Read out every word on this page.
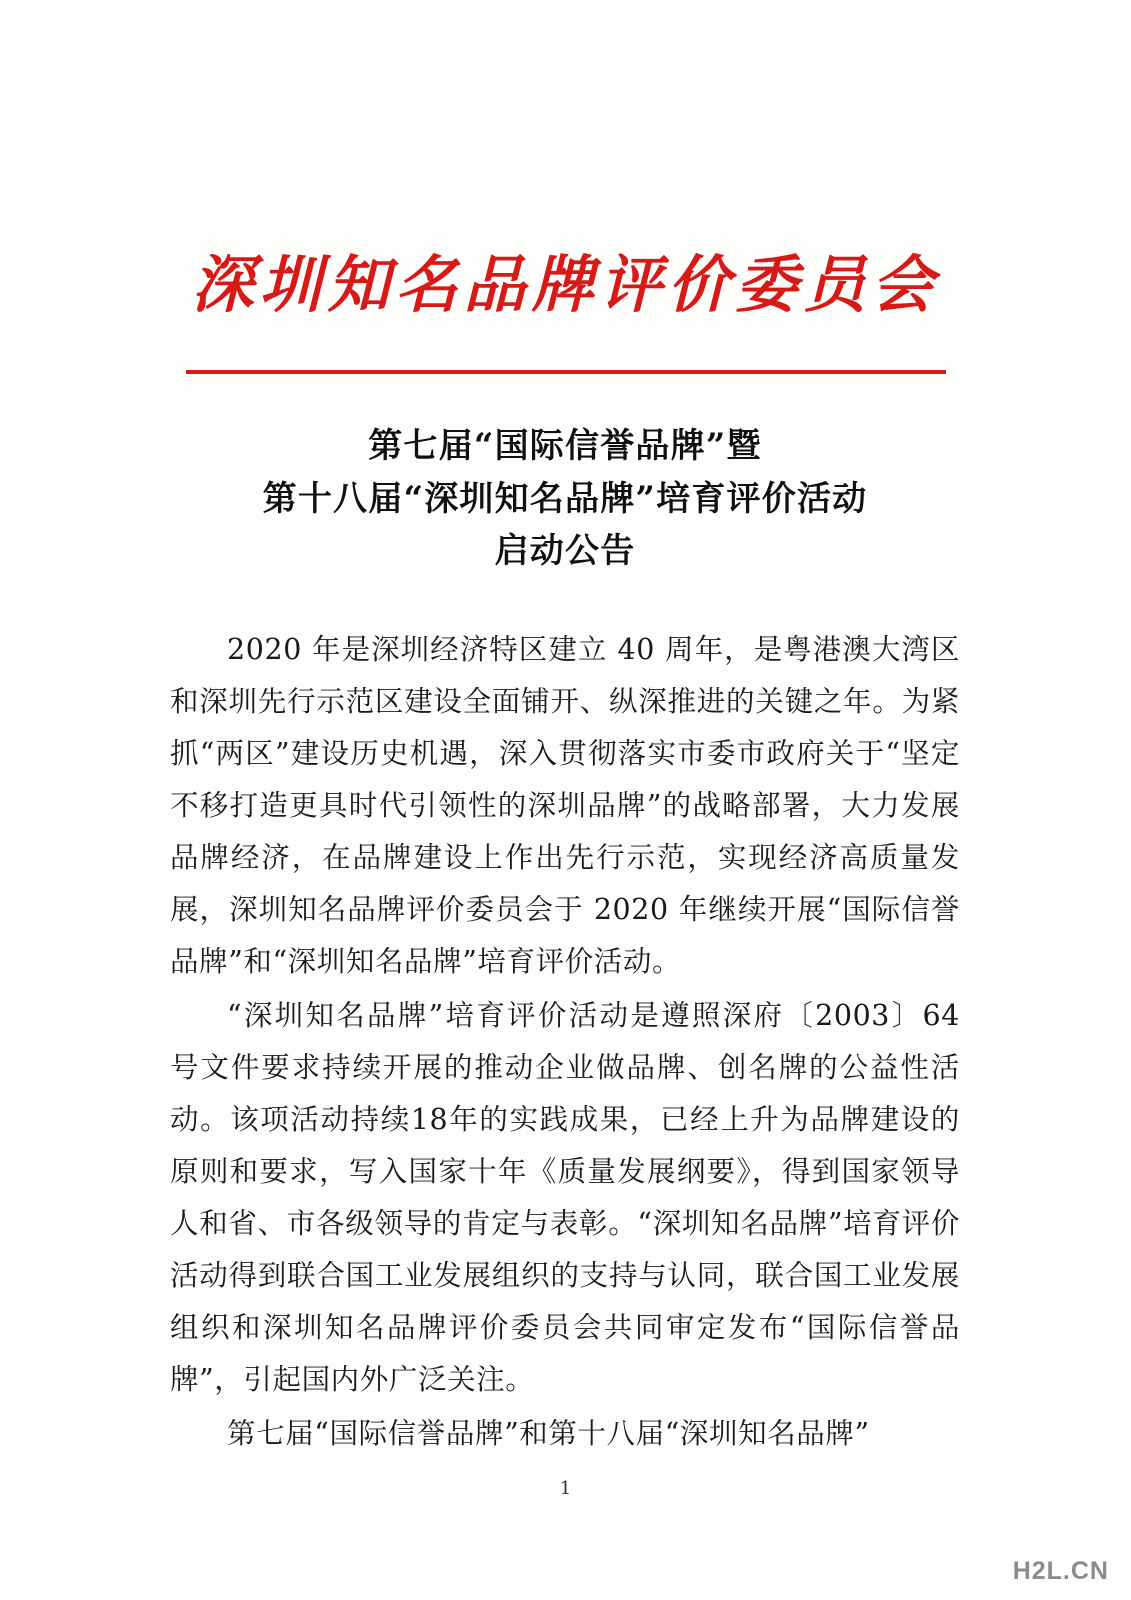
深圳知名品牌评价委员会
第七届“国际信誉品牌”暨
第十八届“深圳知名品牌”培育评价活动
启动公告

2020 年是深圳经济特区建立 40 周年，是粤港澳大湾区和深圳先行示范区建设全面铺开、纵深推进的关键之年。为紧抓“两区”建设历史机遇，深入贯彻落实市委市政府关于“坚定不移打造更具时代引领性的深圳品牌”的战略部署，大力发展品牌经济，在品牌建设上作出先行示范，实现经济高质量发展，深圳知名品牌评价委员会于 2020 年继续开展“国际信誉品牌”和“深圳知名品牌”培育评价活动。

“深圳知名品牌”培育评价活动是遵照深府〔2003〕64 号文件要求持续开展的推动企业做品牌、创名牌的公益性活动。该项活动持续18年的实践成果，已经上升为品牌建设的原则和要求，写入国家十年《质量发展纲要》，得到国家领导人和省、市各级领导的肯定与表彰。“深圳知名品牌”培育评价活动得到联合国工业发展组织的支持与认同，联合国工业发展组织和深圳知名品牌评价委员会共同审定发布“国际信誉品牌”，引起国内外广泛关注。

第七届“国际信誉品牌”和第十八届“深圳知名品牌”

1
H2L.CN
